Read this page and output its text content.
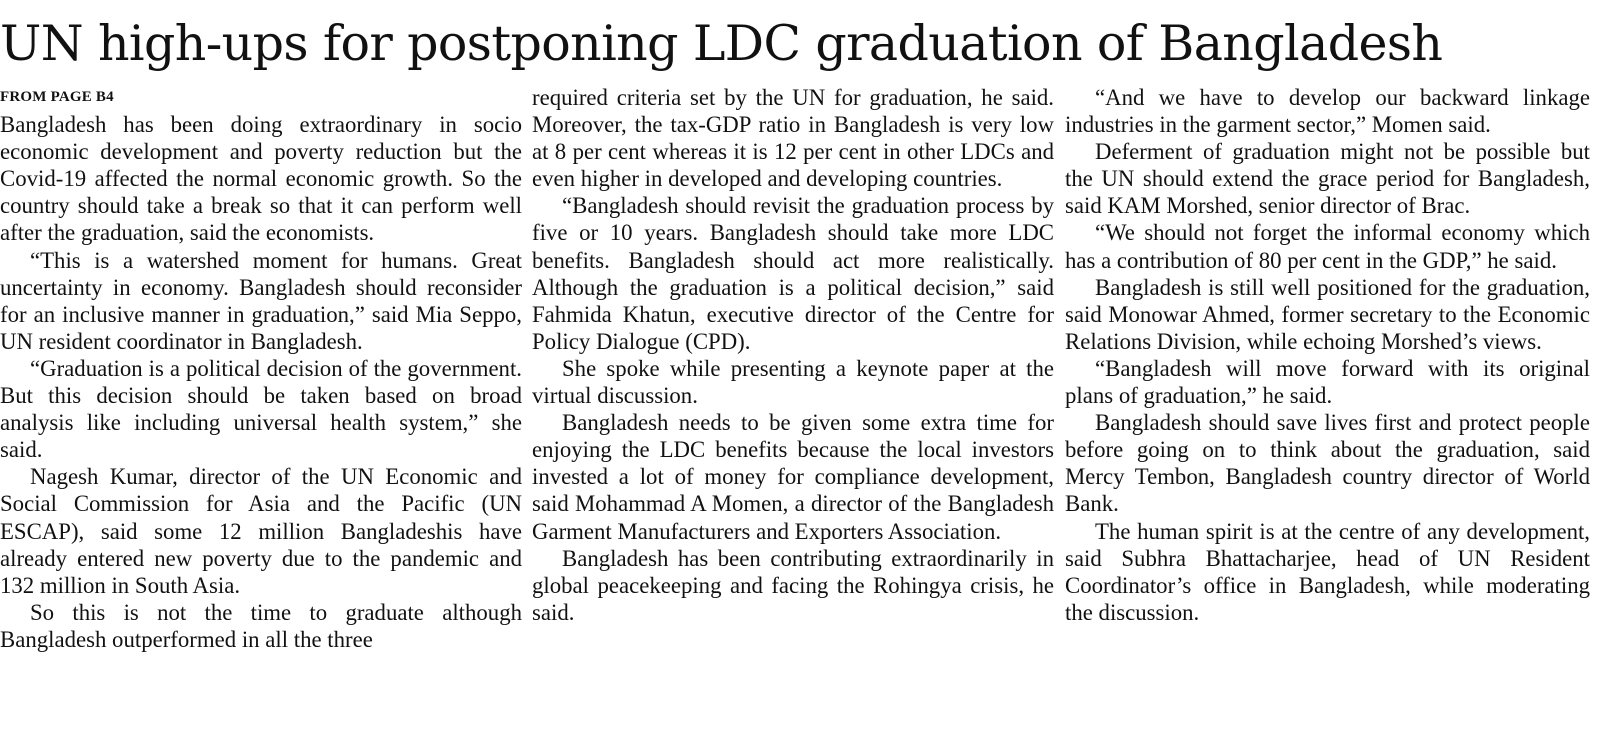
UN high-ups for postponing LDC graduation of Bangladesh
FROM PAGE B4

Bangladesh has been doing extraordinary in socio economic development and poverty reduction but the Covid-19 affected the normal economic growth. So the country should take a break so that it can perform well after the graduation, said the economists.

“This is a watershed moment for humans. Great uncertainty in economy. Bangladesh should reconsider for an inclusive manner in graduation,” said Mia Seppo, UN resident coordinator in Bangladesh.

“Graduation is a political decision of the government. But this decision should be taken based on broad analysis like including universal health system,” she said.

Nagesh Kumar, director of the UN Economic and Social Commission for Asia and the Pacific (UN ESCAP), said some 12 million Bangladeshis have already entered new poverty due to the pandemic and 132 million in South Asia.

So this is not the time to graduate although Bangladesh outperformed in all the three

required criteria set by the UN for graduation, he said. Moreover, the tax-GDP ratio in Bangladesh is very low at 8 per cent whereas it is 12 per cent in other LDCs and even higher in developed and developing countries.

“Bangladesh should revisit the graduation process by five or 10 years. Bangladesh should take more LDC benefits. Bangladesh should act more realistically. Although the graduation is a political decision,” said Fahmida Khatun, executive director of the Centre for Policy Dialogue (CPD).

She spoke while presenting a keynote paper at the virtual discussion.

Bangladesh needs to be given some extra time for enjoying the LDC benefits because the local investors invested a lot of money for compliance development, said Mohammad A Momen, a director of the Bangladesh Garment Manufacturers and Exporters Association.

Bangladesh has been contributing extraordinarily in global peacekeeping and facing the Rohingya crisis, he said.

“And we have to develop our backward linkage industries in the garment sector,” Momen said.

Deferment of graduation might not be possible but the UN should extend the grace period for Bangladesh, said KAM Morshed, senior director of Brac.

“We should not forget the informal economy which has a contribution of 80 per cent in the GDP,” he said.

Bangladesh is still well positioned for the graduation, said Monowar Ahmed, former secretary to the Economic Relations Division, while echoing Morshed’s views.

“Bangladesh will move forward with its original plans of graduation,” he said.

Bangladesh should save lives first and protect people before going on to think about the graduation, said Mercy Tembon, Bangladesh country director of World Bank.

The human spirit is at the centre of any development, said Subhra Bhattacharjee, head of UN Resident Coordinator’s office in Bangladesh, while moderating the discussion.
